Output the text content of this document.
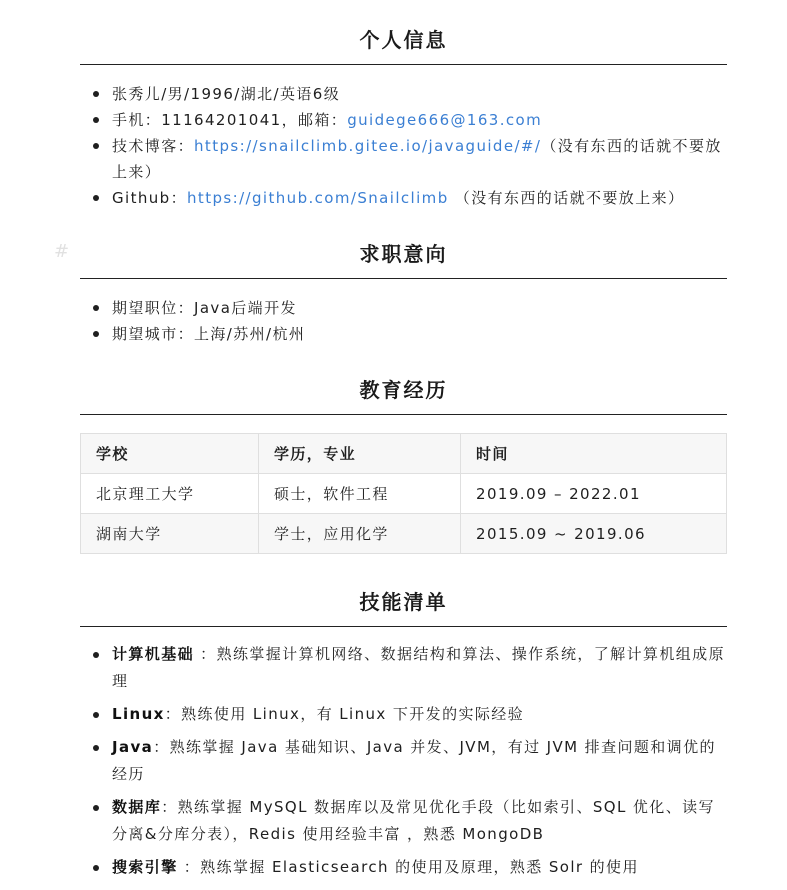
个人信息
张秀儿/男/1996/湖北/英语6级
手机：11164201041，邮箱：guidege666@163.com
技术博客：https://snailclimb.gitee.io/javaguide/#/（没有东西的话就不要放上来）
Github：https://github.com/Snailclimb （没有东西的话就不要放上来）
#	求职意向
期望职位：Java后端开发
期望城市：上海/苏州/杭州
教育经历
学校	学历，专业	时间
北京理工大学	硕士，软件工程	2019.09 – 2022.01
湖南大学	学士，应用化学	2015.09 ~ 2019.06
技能清单
计算机基础 ：熟练掌握计算机网络、数据结构和算法、操作系统，了解计算机组成原理
Linux：熟练使用 Linux，有 Linux 下开发的实际经验
Java：熟练掌握 Java 基础知识、Java 并发、JVM，有过 JVM 排查问题和调优的经历
数据库：熟练掌握 MySQL 数据库以及常见优化手段（比如索引、SQL 优化、读写分离&分库分表），Redis 使用经验丰富 ，熟悉 MongoDB
搜索引擎 ：熟练掌握 Elasticsearch 的使用及原理，熟悉 Solr 的使用
